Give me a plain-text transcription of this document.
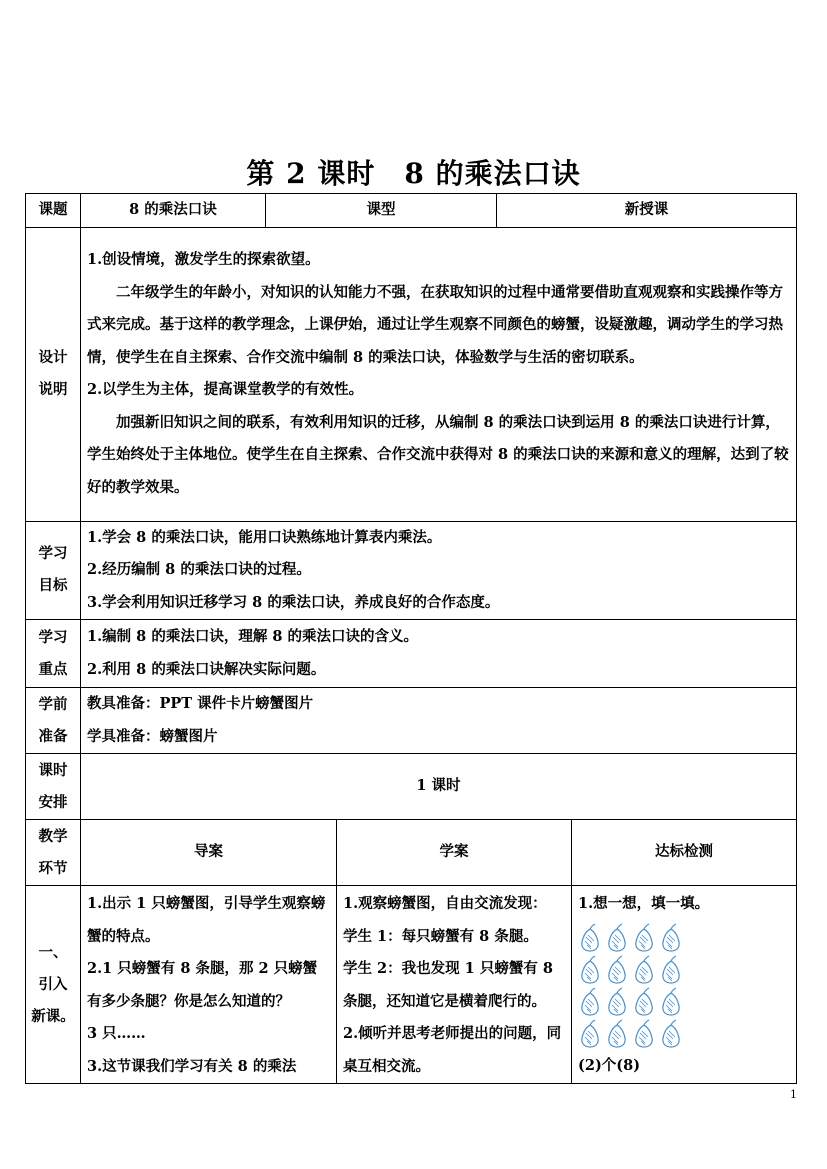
第 2 课时　8 的乘法口诀
课题	8 的乘法口诀	课型		新授课	

设计
说明	1.创设情境，激发学生的探索欲望。
二年级学生的年龄小，对知识的认知能力不强，在获取知识的过程中通常要借助直观观察和实践操作等方式来完成。基于这样的教学理念，上课伊始，通过让学生观察不同颜色的螃蟹，设疑激趣，调动学生的学习热情，使学生在自主探索、合作交流中编制 8 的乘法口诀，体验数学与生活的密切联系。
2.以学生为主体，提高课堂教学的有效性。
加强新旧知识之间的联系，有效利用知识的迁移，从编制 8 的乘法口诀到运用 8 的乘法口诀进行计算，学生始终处于主体地位。使学生在自主探索、合作交流中获得对 8 的乘法口诀的来源和意义的理解，达到了较好的教学效果。				

学习
目标	1.学会 8 的乘法口诀，能用口诀熟练地计算表内乘法。
2.经历编制 8 的乘法口诀的过程。
3.学会利用知识迁移学习 8 的乘法口诀，养成良好的合作态度。				

学习
重点	1.编制 8 的乘法口诀，理解 8 的乘法口诀的含义。
2.利用 8 的乘法口诀解决实际问题。				

学前
准备	教具准备：PPT 课件卡片螃蟹图片
学具准备：螃蟹图片				

课时
安排	1 课时				

教学
环节	导案		学案		达标检测

一、
引入
新课。	1.出示 1 只螃蟹图，引导学生观察螃蟹的特点。
2.1 只螃蟹有 8 条腿，那 2 只螃蟹有多少条腿？你是怎么知道的？
3 只……
3.这节课我们学习有关 8 的乘法		1.观察螃蟹图，自由交流发现：
学生 1：每只螃蟹有 8 条腿。
学生 2：我也发现 1 只螃蟹有 8 条腿，还知道它是横着爬行的。
2.倾听并思考老师提出的问题，同桌互相交流。		1.想一想，填一填。
(2)个(8)
1
